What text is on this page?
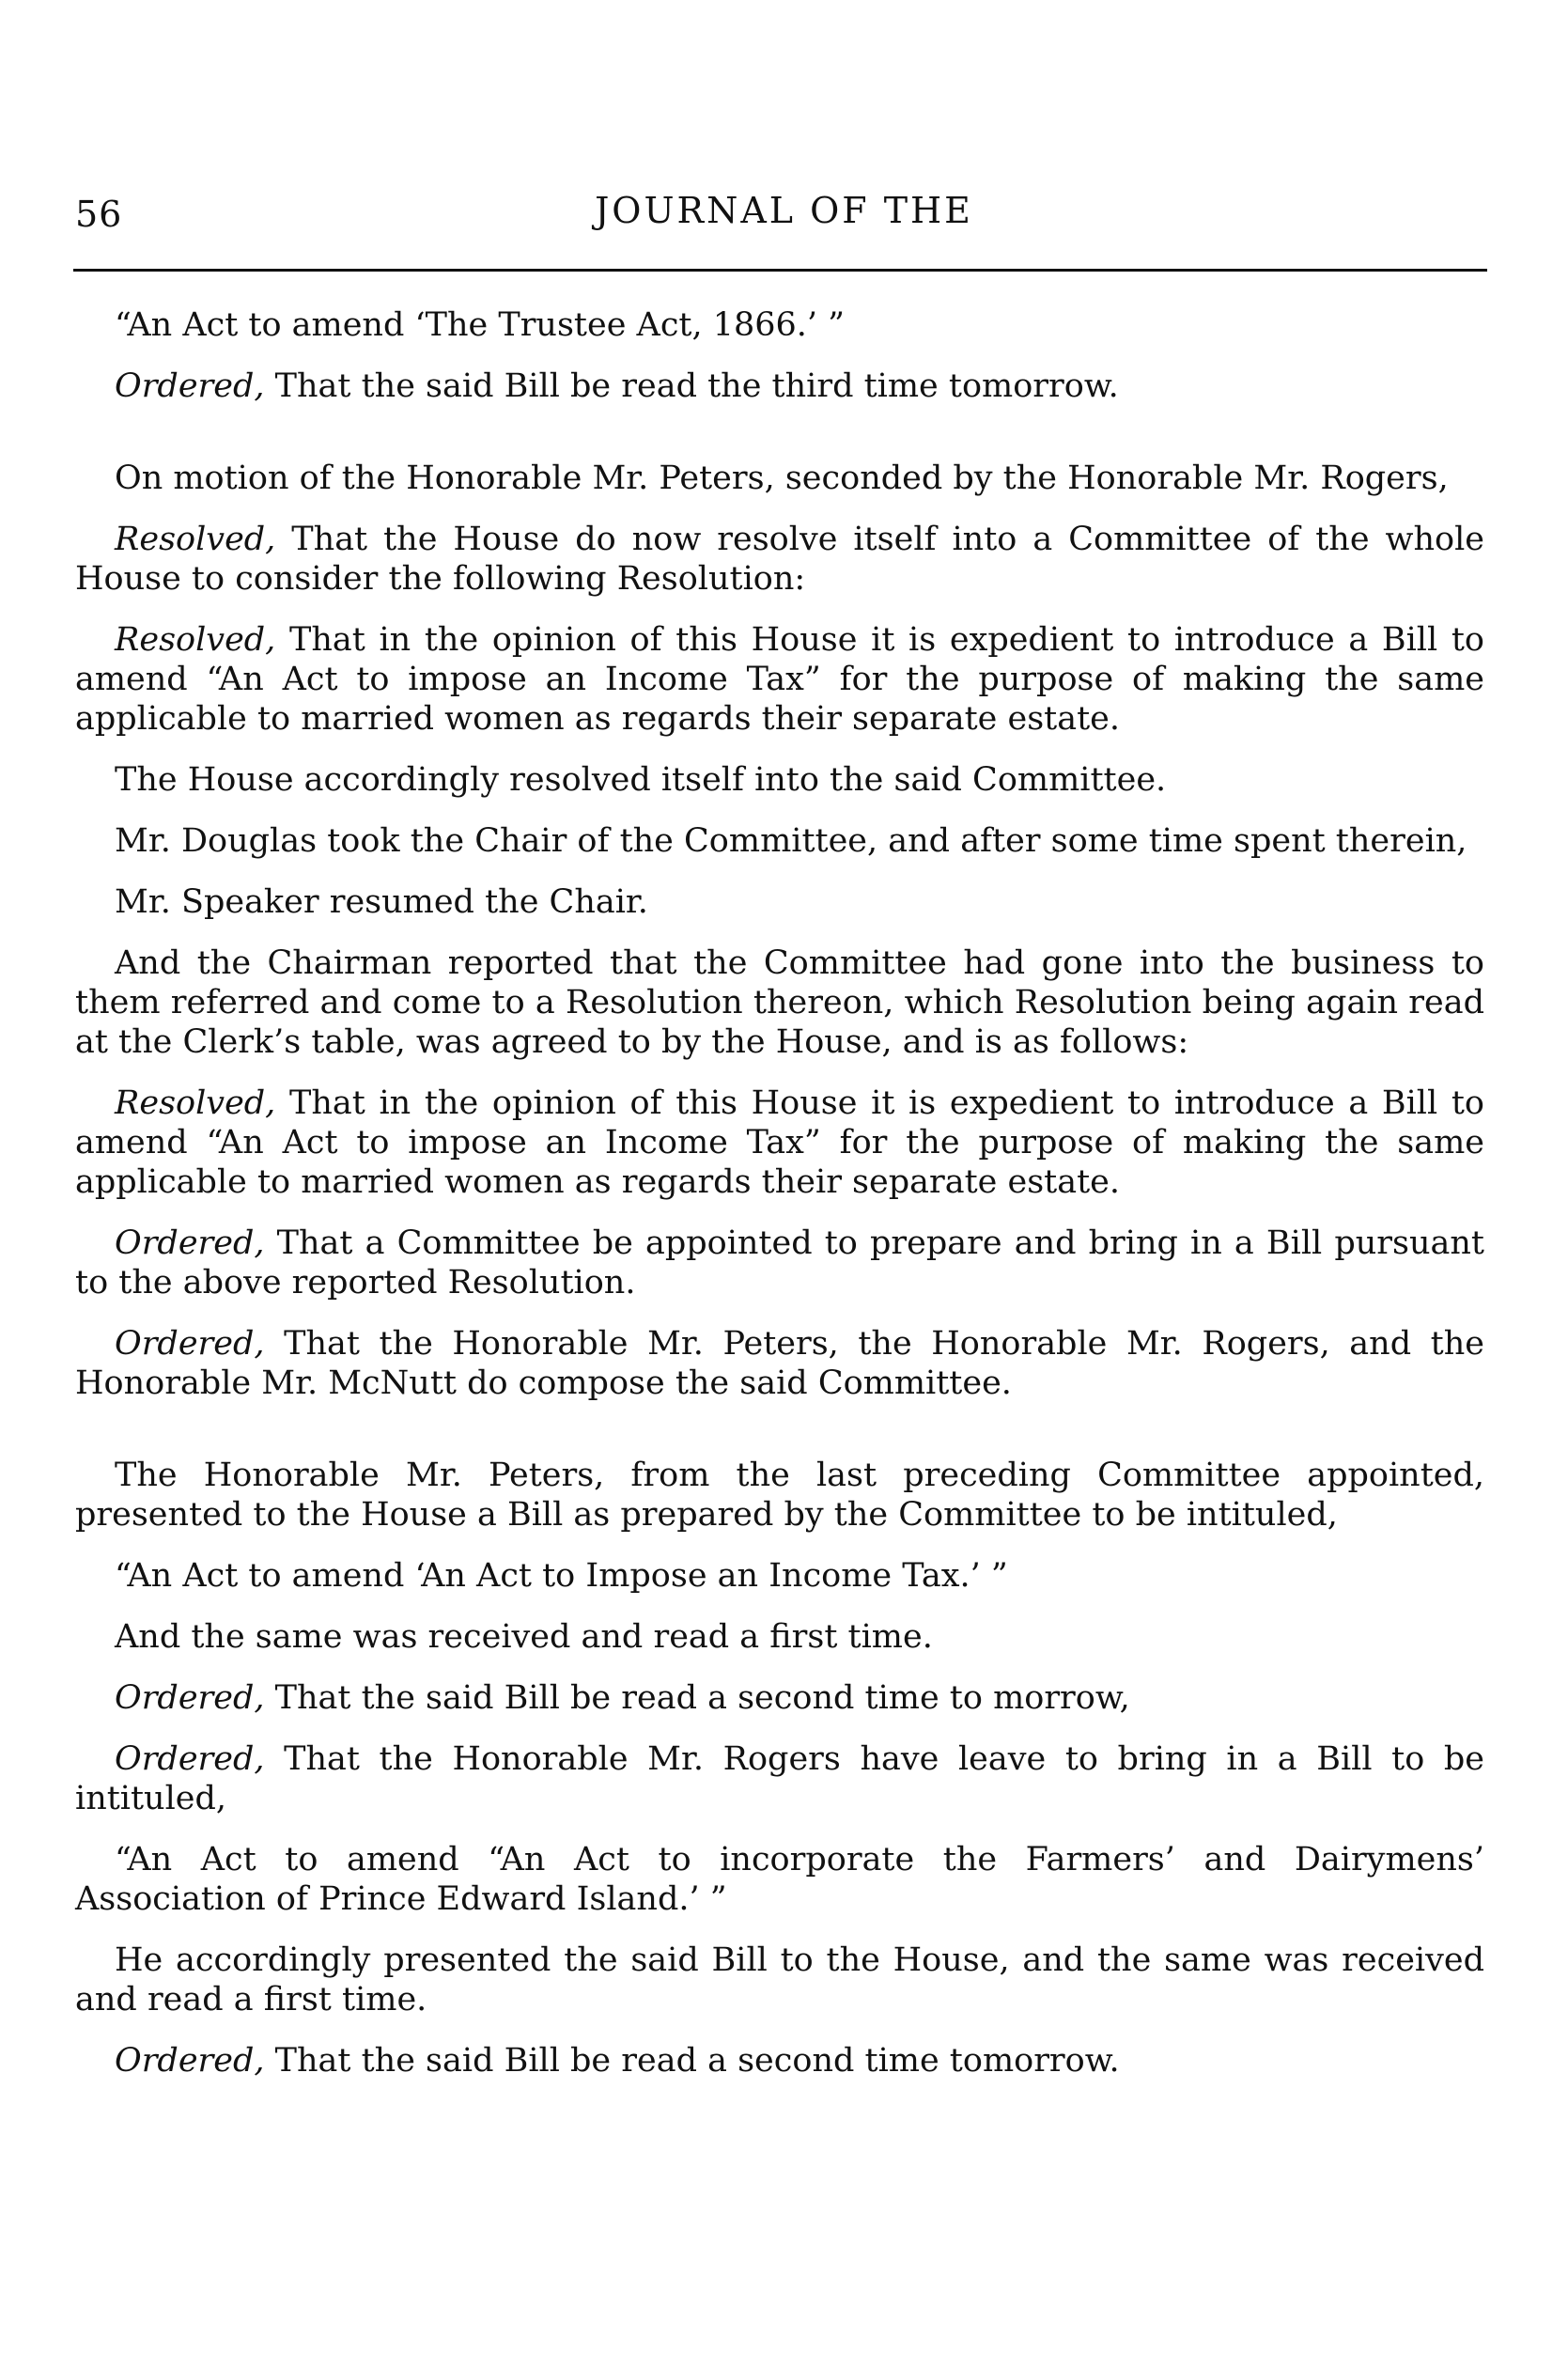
56	JOURNAL OF THE

“An Act to amend ‘The Trustee Act, 1866.’ ”

Ordered, That the said Bill be read the third time tomorrow.

On motion of the Honorable Mr. Peters, seconded by the Honorable Mr. Rogers,

Resolved, That the House do now resolve itself into a Committee of the whole House to consider the following Resolution:

Resolved, That in the opinion of this House it is expedient to introduce a Bill to amend “An Act to impose an Income Tax” for the purpose of making the same applicable to married women as regards their separate estate.

The House accordingly resolved itself into the said Committee.

Mr. Douglas took the Chair of the Committee, and after some time spent therein,

Mr. Speaker resumed the Chair.

And the Chairman reported that the Committee had gone into the business to them referred and come to a Resolution thereon, which Resolution being again read at the Clerk’s table, was agreed to by the House, and is as follows:

Resolved, That in the opinion of this House it is expedient to introduce a Bill to amend “An Act to impose an Income Tax” for the purpose of making the same applicable to married women as regards their separate estate.

Ordered, That a Committee be appointed to prepare and bring in a Bill pursuant to the above reported Resolution.

Ordered, That the Honorable Mr. Peters, the Honorable Mr. Rogers, and the Honorable Mr. McNutt do compose the said Committee.

The Honorable Mr. Peters, from the last preceding Committee appointed, presented to the House a Bill as prepared by the Committee to be intituled,

“An Act to amend ‘An Act to Impose an Income Tax.’ ”

And the same was received and read a first time.

Ordered, That the said Bill be read a second time to morrow,

Ordered, That the Honorable Mr. Rogers have leave to bring in a Bill to be intituled,

“An Act to amend “An Act to incorporate the Farmers’ and Dairymens’ Association of Prince Edward Island.’ ”

He accordingly presented the said Bill to the House, and the same was received and read a first time.

Ordered, That the said Bill be read a second time tomorrow.
